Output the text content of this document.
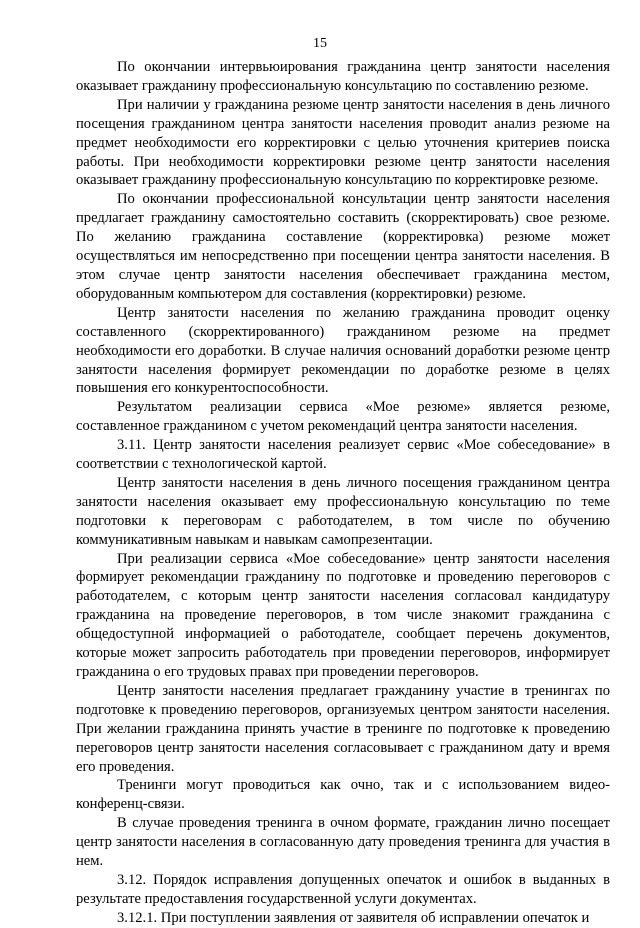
15

По окончании интервьюирования гражданина центр занятости населения оказывает гражданину профессиональную консультацию по составлению резюме.

При наличии у гражданина резюме центр занятости населения в день личного посещения гражданином центра занятости населения проводит анализ резюме на предмет необходимости его корректировки с целью уточнения критериев поиска работы. При необходимости корректировки резюме центр занятости населения оказывает гражданину профессиональную консультацию по корректировке резюме.

По окончании профессиональной консультации центр занятости населения предлагает гражданину самостоятельно составить (скорректировать) свое резюме. По желанию гражданина составление (корректировка) резюме может осуществляться им непосредственно при посещении центра занятости населения. В этом случае центр занятости населения обеспечивает гражданина местом, оборудованным компьютером для составления (корректировки) резюме.

Центр занятости населения по желанию гражданина проводит оценку составленного (скорректированного) гражданином резюме на предмет необходимости его доработки. В случае наличия оснований доработки резюме центр занятости населения формирует рекомендации по доработке резюме в целях повышения его конкурентоспособности.

Результатом реализации сервиса «Мое резюме» является резюме, составленное гражданином с учетом рекомендаций центра занятости населения.

3.11. Центр занятости населения реализует сервис «Мое собеседование» в соответствии с технологической картой.

Центр занятости населения в день личного посещения гражданином центра занятости населения оказывает ему профессиональную консультацию по теме подготовки к переговорам с работодателем, в том числе по обучению коммуникативным навыкам и навыкам самопрезентации.

При реализации сервиса «Мое собеседование» центр занятости населения формирует рекомендации гражданину по подготовке и проведению переговоров с работодателем, с которым центр занятости населения согласовал кандидатуру гражданина на проведение переговоров, в том числе знакомит гражданина с общедоступной информацией о работодателе, сообщает перечень документов, которые может запросить работодатель при проведении переговоров, информирует гражданина о его трудовых правах при проведении переговоров.

Центр занятости населения предлагает гражданину участие в тренингах по подготовке к проведению переговоров, организуемых центром занятости населения. При желании гражданина принять участие в тренинге по подготовке к проведению переговоров центр занятости населения согласовывает с гражданином дату и время его проведения.

Тренинги могут проводиться как очно, так и с использованием видео-конференц-связи.

В случае проведения тренинга в очном формате, гражданин лично посещает центр занятости населения в согласованную дату проведения тренинга для участия в нем.

3.12. Порядок исправления допущенных опечаток и ошибок в выданных в результате предоставления государственной услуги документах.

3.12.1. При поступлении заявления от заявителя об исправлении опечаток и
